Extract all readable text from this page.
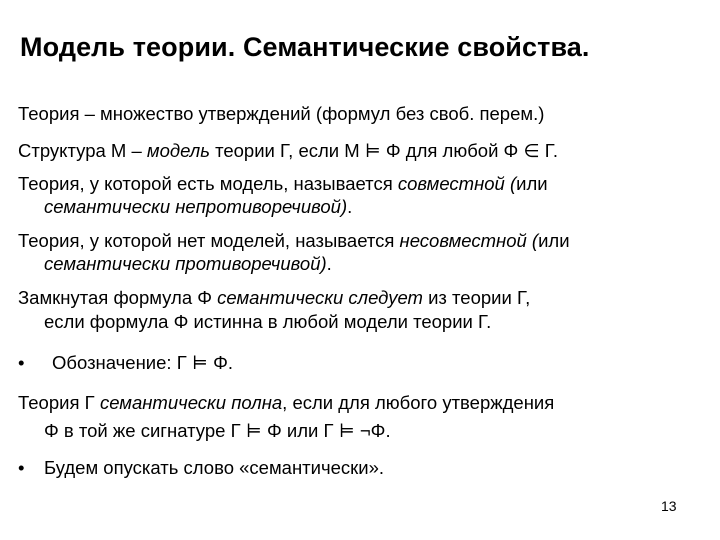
Модель теории. Семантические свойства.
Теория – множество утверждений (формул без своб. перем.)
Структура M – модель теории Γ, если M ⊨ Φ для любой Φ ∈ Γ.
Теория, у которой есть модель, называется совместной (или
семантически непротиворечивой).
Теория, у которой нет моделей, называется несовместной (или
семантически противоречивой).
Замкнутая формула Φ семантически следует из теории Γ,
если формула Φ истинна в любой модели теории Γ.
• Обозначение: Γ ⊨ Φ.
Теория Γ семантически полна, если для любого утверждения
Φ в той же сигнатуре Γ ⊨ Φ или Γ ⊨ ¬Φ.
• Будем опускать слово «семантически».
13
